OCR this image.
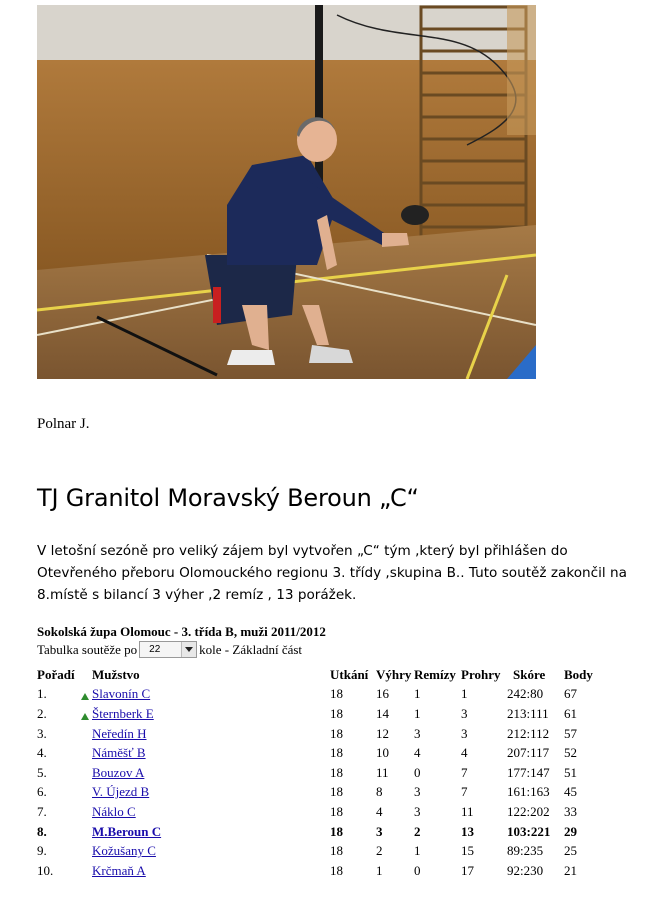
Polnar J.
TJ Granitol Moravský Beroun „C“

V letošní sezóně pro veliký zájem byl vytvořen „C“ tým ,který byl přihlášen do Otevřeného přeboru Olomouckého regionu 3. třídy ,skupina B.. Tuto soutěž zakončil na 8.místě s bilancí 3 výher ,2 remíz , 13 porážek.

Sokolská župa Olomouc - 3. třída B, muži 2011/2012
Tabulka soutěže po 22	kole - Základní část
Pořadí		Mužstvo	Utkání	Výhry	Remízy	Prohry	Skóre	Body
1.		Slavonín C	18	16	1	1	242:80	67
2.		Šternberk E	18	14	1	3	213:111	61
3.		Neředín H	18	12	3	3	212:112	57
4.		Náměšť B	18	10	4	4	207:117	52
5.		Bouzov A	18	11	0	7	177:147	51
6.		V. Újezd B	18	8	3	7	161:163	45
7.		Náklo C	18	4	3	11	122:202	33
8.		M.Beroun C	18	3	2	13	103:221	29
9.		Kožušany C	18	2	1	15	89:235	25
10.		Krčmaň A	18	1	0	17	92:230	21
